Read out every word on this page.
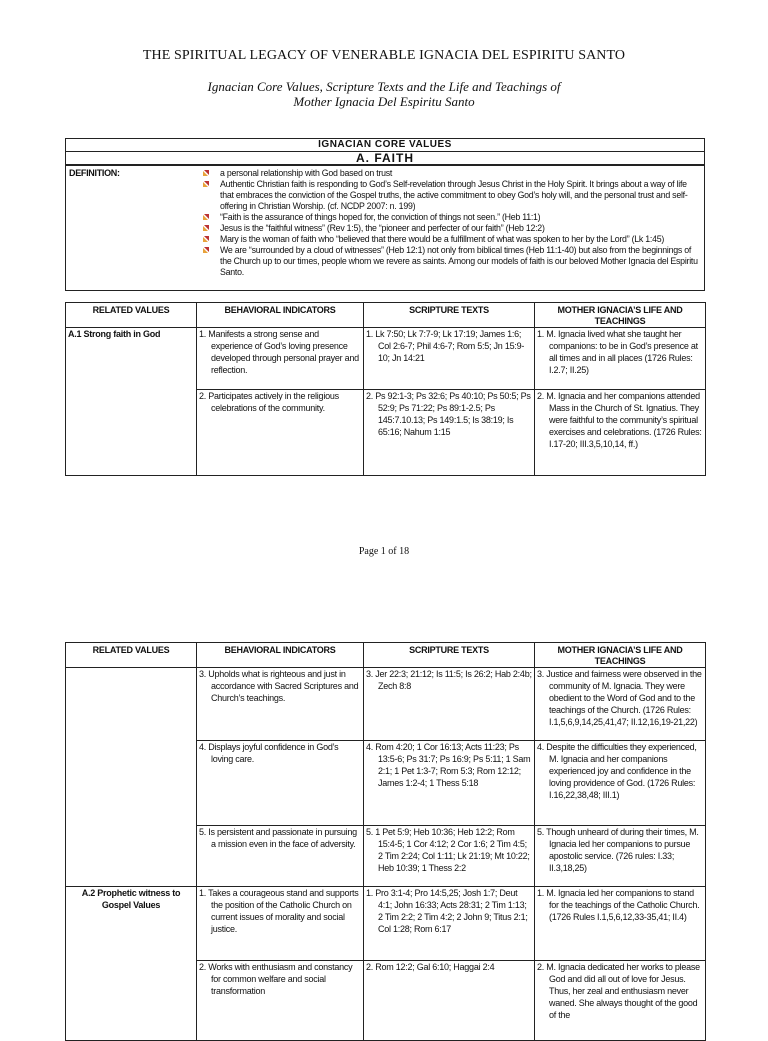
THE SPIRITUAL LEGACY OF VENERABLE IGNACIA DEL ESPIRITU SANTO
Ignacian Core Values, Scripture Texts and the Life and Teachings of
Mother Ignacia Del Espiritu Santo
IGNACIAN CORE VALUES
A. FAITH
DEFINITION:	a personal relationship with God based on trust

Authentic Christian faith is responding to God’s Self-revelation through Jesus Christ in the Holy Spirit. It brings about a way of life that embraces the conviction of the Gospel truths, the active commitment to obey God’s holy will, and the personal trust and self-offering in Christian Worship. (cf. NCDP 2007: n. 199)

“Faith is the assurance of things hoped for, the conviction of things not seen.” (Heb 11:1)

Jesus is the “faithful witness” (Rev 1:5), the “pioneer and perfecter of our faith” (Heb 12:2)

Mary is the woman of faith who “believed that there would be a fulfillment of what was spoken to her by the Lord” (Lk 1:45)

We are “surrounded by a cloud of witnesses” (Heb 12:1) not only from biblical times (Heb 11:1-40) but also from the beginnings of the Church up to our times, people whom we revere as saints. Among our models of faith is our beloved Mother Ignacia del Espiritu Santo.

RELATED VALUES	BEHAVIORAL INDICATORS	SCRIPTURE TEXTS	MOTHER IGNACIA’S LIFE AND TEACHINGS
A.1 Strong faith in God	1. Manifests a strong sense and experience of God’s loving presence developed through personal prayer and reflection.	1. Lk 7:50; Lk 7:7-9; Lk 17:19; James 1:6; Col 2:6-7; Phil 4:6-7; Rom 5:5; Jn 15:9-10; Jn 14:21	1. M. Ignacia lived what she taught her companions: to be in God’s presence at all times and in all places (1726 Rules: I.2.7; II.25)

	2. Participates actively in the religious celebrations of the community.	2. Ps 92:1-3; Ps 32:6; Ps 40:10; Ps 50:5; Ps 52:9; Ps 71:22; Ps 89:1-2.5; Ps 145:7.10.13; Ps 149:1.5; Is 38:19; Is 65:16; Nahum 1:15	2. M. Ignacia and her companions attended Mass in the Church of St. Ignatius. They were faithful to the community’s spiritual exercises and celebrations. (1726 Rules: I.17-20; III.3,5,10,14, ff.)
Page 1 of 18
RELATED VALUES	BEHAVIORAL INDICATORS	SCRIPTURE TEXTS	MOTHER IGNACIA’S LIFE AND TEACHINGS

	3. Upholds what is righteous and just in accordance with Sacred Scriptures and Church’s teachings.	3. Jer 22:3; 21:12; Is 11:5; Is 26:2; Hab 2:4b; Zech 8:8	3. Justice and fairness were observed in the community of M. Ignacia. They were obedient to the Word of God and to the teachings of the Church. (1726 Rules: I.1,5,6,9,14,25,41,47; II.12,16,19-21,22)

	4. Displays joyful confidence in God’s loving care.	4. Rom 4:20; 1 Cor 16:13; Acts 11:23; Ps 13:5-6; Ps 31:7; Ps 16:9; Ps 5:11; 1 Sam 2:1; 1 Pet 1:3-7; Rom 5:3; Rom 12:12; James 1:2-4; 1 Thess 5:18	4. Despite the difficulties they experienced, M. Ignacia and her companions experienced joy and confidence in the loving providence of God. (1726 Rules: I.16,22,38,48; III.1)

	5. Is persistent and passionate in pursuing a mission even in the face of adversity.	5. 1 Pet 5:9; Heb 10:36; Heb 12:2; Rom 15:4-5; 1 Cor 4:12; 2 Cor 1:6; 2 Tim 4:5; 2 Tim 2:24; Col 1:11; Lk 21:19; Mt 10:22; Heb 10:39; 1 Thess 2:2	5. Though unheard of during their times, M. Ignacia led her companions to pursue apostolic service. (726 rules: I.33; II.3,18,25)

A.2 Prophetic witness to Gospel Values	1. Takes a courageous stand and supports the position of the Catholic Church on current issues of morality and social justice.	1. Pro 3:1-4; Pro 14:5,25; Josh 1:7; Deut 4:1; John 16:33; Acts 28:31; 2 Tim 1:13; 2 Tim 2:2; 2 Tim 4:2; 2 John 9; Titus 2:1; Col 1:28; Rom 6:17	1. M. Ignacia led her companions to stand for the teachings of the Catholic Church. (1726 Rules I.1,5,6,12,33-35,41; II.4)

	2. Works with enthusiasm and constancy for common welfare and social transformation	2. Rom 12:2; Gal 6:10; Haggai 2:4	2. M. Ignacia dedicated her works to please God and did all out of love for Jesus. Thus, her zeal and enthusiasm never waned. She always thought of the good of the
